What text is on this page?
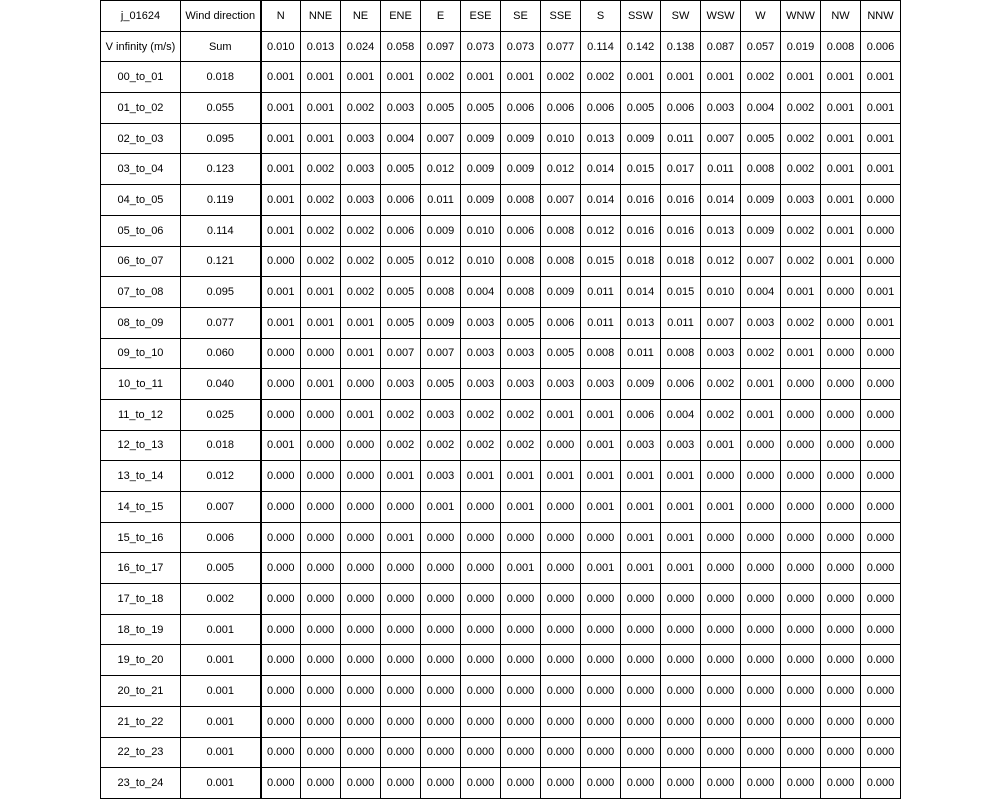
j_01624	Wind direction	N	NNE	NE	ENE	E	ESE	SE	SSE	S	SSW	SW	WSW	W	WNW	NW	NNW
V infinity (m/s)	Sum	0.010	0.013	0.024	0.058	0.097	0.073	0.073	0.077	0.114	0.142	0.138	0.087	0.057	0.019	0.008	0.006
00_to_01	0.018	0.001	0.001	0.001	0.001	0.002	0.001	0.001	0.002	0.002	0.001	0.001	0.001	0.002	0.001	0.001	0.001
01_to_02	0.055	0.001	0.001	0.002	0.003	0.005	0.005	0.006	0.006	0.006	0.005	0.006	0.003	0.004	0.002	0.001	0.001
02_to_03	0.095	0.001	0.001	0.003	0.004	0.007	0.009	0.009	0.010	0.013	0.009	0.011	0.007	0.005	0.002	0.001	0.001
03_to_04	0.123	0.001	0.002	0.003	0.005	0.012	0.009	0.009	0.012	0.014	0.015	0.017	0.011	0.008	0.002	0.001	0.001
04_to_05	0.119	0.001	0.002	0.003	0.006	0.011	0.009	0.008	0.007	0.014	0.016	0.016	0.014	0.009	0.003	0.001	0.000
05_to_06	0.114	0.001	0.002	0.002	0.006	0.009	0.010	0.006	0.008	0.012	0.016	0.016	0.013	0.009	0.002	0.001	0.000
06_to_07	0.121	0.000	0.002	0.002	0.005	0.012	0.010	0.008	0.008	0.015	0.018	0.018	0.012	0.007	0.002	0.001	0.000
07_to_08	0.095	0.001	0.001	0.002	0.005	0.008	0.004	0.008	0.009	0.011	0.014	0.015	0.010	0.004	0.001	0.000	0.001
08_to_09	0.077	0.001	0.001	0.001	0.005	0.009	0.003	0.005	0.006	0.011	0.013	0.011	0.007	0.003	0.002	0.000	0.001
09_to_10	0.060	0.000	0.000	0.001	0.007	0.007	0.003	0.003	0.005	0.008	0.011	0.008	0.003	0.002	0.001	0.000	0.000
10_to_11	0.040	0.000	0.001	0.000	0.003	0.005	0.003	0.003	0.003	0.003	0.009	0.006	0.002	0.001	0.000	0.000	0.000
11_to_12	0.025	0.000	0.000	0.001	0.002	0.003	0.002	0.002	0.001	0.001	0.006	0.004	0.002	0.001	0.000	0.000	0.000
12_to_13	0.018	0.001	0.000	0.000	0.002	0.002	0.002	0.002	0.000	0.001	0.003	0.003	0.001	0.000	0.000	0.000	0.000
13_to_14	0.012	0.000	0.000	0.000	0.001	0.003	0.001	0.001	0.001	0.001	0.001	0.001	0.000	0.000	0.000	0.000	0.000
14_to_15	0.007	0.000	0.000	0.000	0.000	0.001	0.000	0.001	0.000	0.001	0.001	0.001	0.001	0.000	0.000	0.000	0.000
15_to_16	0.006	0.000	0.000	0.000	0.001	0.000	0.000	0.000	0.000	0.000	0.001	0.001	0.000	0.000	0.000	0.000	0.000
16_to_17	0.005	0.000	0.000	0.000	0.000	0.000	0.000	0.001	0.000	0.001	0.001	0.001	0.000	0.000	0.000	0.000	0.000
17_to_18	0.002	0.000	0.000	0.000	0.000	0.000	0.000	0.000	0.000	0.000	0.000	0.000	0.000	0.000	0.000	0.000	0.000
18_to_19	0.001	0.000	0.000	0.000	0.000	0.000	0.000	0.000	0.000	0.000	0.000	0.000	0.000	0.000	0.000	0.000	0.000
19_to_20	0.001	0.000	0.000	0.000	0.000	0.000	0.000	0.000	0.000	0.000	0.000	0.000	0.000	0.000	0.000	0.000	0.000
20_to_21	0.001	0.000	0.000	0.000	0.000	0.000	0.000	0.000	0.000	0.000	0.000	0.000	0.000	0.000	0.000	0.000	0.000
21_to_22	0.001	0.000	0.000	0.000	0.000	0.000	0.000	0.000	0.000	0.000	0.000	0.000	0.000	0.000	0.000	0.000	0.000
22_to_23	0.001	0.000	0.000	0.000	0.000	0.000	0.000	0.000	0.000	0.000	0.000	0.000	0.000	0.000	0.000	0.000	0.000
23_to_24	0.001	0.000	0.000	0.000	0.000	0.000	0.000	0.000	0.000	0.000	0.000	0.000	0.000	0.000	0.000	0.000	0.000
